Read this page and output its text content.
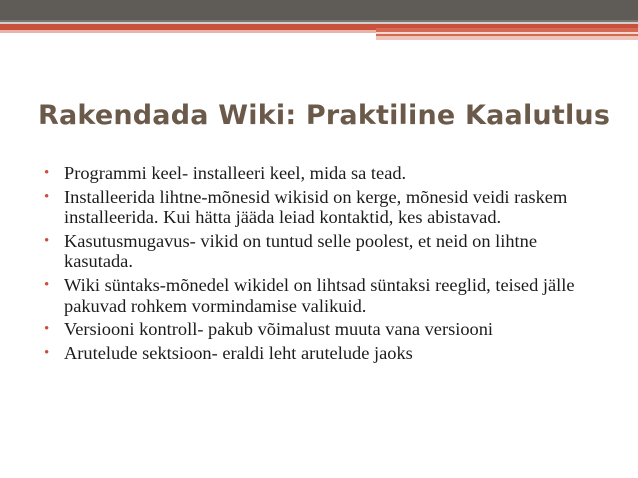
Rakendada Wiki: Praktiline Kaalutlus
• Programmi keel- installeeri keel, mida sa tead.
• Installeerida lihtne-mõnesid wikisid on kerge, mõnesid veidi raskem installeerida. Kui hätta jääda leiad kontaktid, kes abistavad.
• Kasutusmugavus- vikid on tuntud selle poolest, et neid on lihtne kasutada.
• Wiki süntaks-mõnedel wikidel on lihtsad süntaksi reeglid, teised jälle pakuvad rohkem vormindamise valikuid.
• Versiooni kontroll- pakub võimalust muuta vana versiooni
• Arutelude sektsioon- eraldi leht arutelude jaoks
